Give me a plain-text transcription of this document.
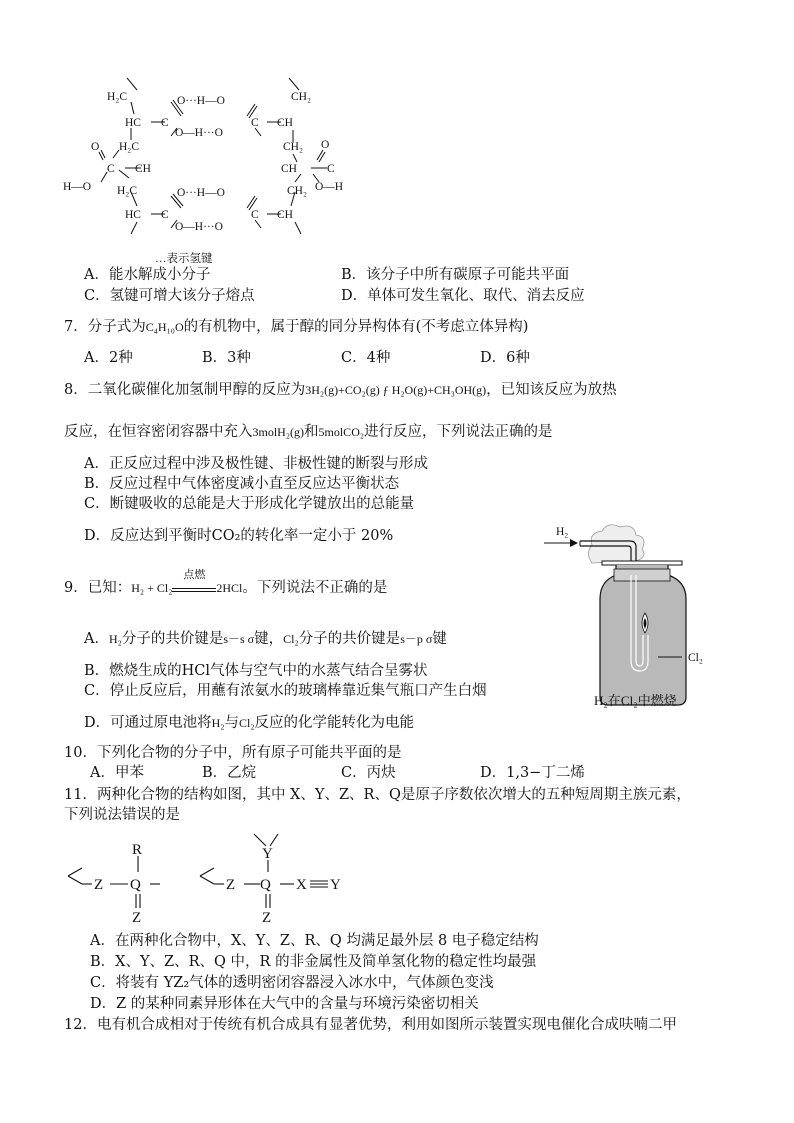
H₂C
HC C
O···H—O
O—H···O
CH
C
CH₂
O H₂C
C CH
H—O H₂C
CH₂
CH
O
C
O—H
CH₂
HC C
O···H—O
O—H···O
C CH
…表示氢键
A．能水解成小分子	B．该分子中所有碳原子可能共平面
C．氢键可增大该分子熔点	D．单体可发生氧化、取代、消去反应
7．分子式为C₄H₁₀O的有机物中，属于醇的同分异构体有(不考虑立体异构)
A．2种	B．3种	C．4种	D．6种
8．二氧化碳催化加氢制甲醇的反应为3H₂(g)+CO₂(g) ƒ H₂O(g)+CH₃OH(g)，已知该反应为放热
反应，在恒容密闭容器中充入3molH₂(g)和5molCO₂进行反应，下列说法正确的是
A．正反应过程中涉及极性键、非极性键的断裂与形成
B．反应过程中气体密度减小直至反应达平衡状态
C．断键吸收的总能是大于形成化学键放出的总能量
D．反应达到平衡时CO₂的转化率一定小于 20%
9．已知：H₂ + Cl₂
点燃
2HCl。下列说法不正确的是
A．H₂分子的共价键是s－s σ键，Cl₂分子的共价键是s－p σ键
B．燃烧生成的HCl气体与空气中的水蒸气结合呈雾状
C．停止反应后，用蘸有浓氨水的玻璃棒靠近集气瓶口产生白烟
D．可通过原电池将H₂与Cl₂反应的化学能转化为电能
H₂
Cl₂
H₂在Cl₂中燃烧
10．下列化合物的分子中，所有原子可能共平面的是
A．甲苯	B．乙烷	C．丙炔	D．1,3−丁二烯
11．两种化合物的结构如图，其中 X、Y、Z、R、Q是原子序数依次增大的五种短周期主族元素，
下列说法错误的是
R
Z Q
Z
Y
Z Q
Z
X Y
A．在两种化合物中，X、Y、Z、R、Q 均满足最外层 8 电子稳定结构
B．X、Y、Z、R、Q 中，R 的非金属性及简单氢化物的稳定性均最强
C．将装有 YZ₂气体的透明密闭容器浸入冰水中，气体颜色变浅
D．Z 的某种同素异形体在大气中的含量与环境污染密切相关
12．电有机合成相对于传统有机合成具有显著优势，利用如图所示装置实现电催化合成呋喃二甲
